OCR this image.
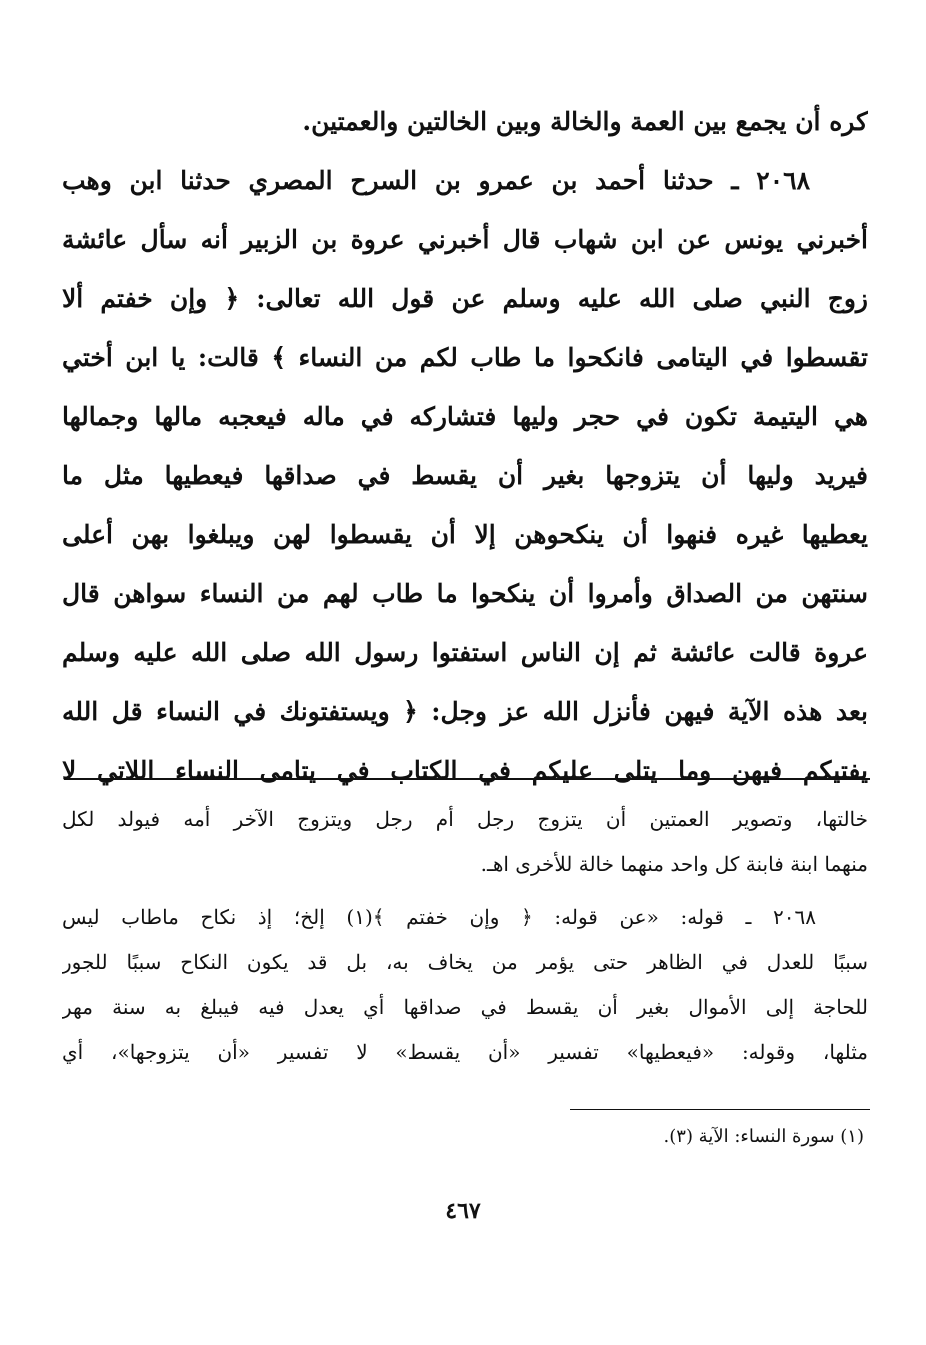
كره أن يجمع بين العمة والخالة وبين الخالتين والعمتين.
٢٠٦٨ ـ حدثنا أحمد بن عمرو بن السرح المصري حدثنا ابن وهب
أخبرني يونس عن ابن شهاب قال أخبرني عروة بن الزبير أنه سأل عائشة
زوج النبي صلى الله عليه وسلم عن قول الله تعالى: ﴿ وإن خفتم ألا
تقسطوا في اليتامى فانكحوا ما طاب لكم من النساء ﴾ قالت: يا ابن أختي
هي اليتيمة تكون في حجر وليها فتشاركه في ماله فيعجبه مالها وجمالها
فيريد وليها أن يتزوجها بغير أن يقسط في صداقها فيعطيها مثل ما
يعطيها غيره فنهوا أن ينكحوهن إلا أن يقسطوا لهن ويبلغوا بهن أعلى
سنتهن من الصداق وأمروا أن ينكحوا ما طاب لهم من النساء سواهن قال
عروة قالت عائشة ثم إن الناس استفتوا رسول الله صلى الله عليه وسلم
بعد هذه الآية فيهن فأنزل الله عز وجل: ﴿ ويستفتونك في النساء قل الله
يفتيكم فيهن وما يتلى عليكم في الكتاب في يتامى النساء اللاتي لا
خالتها، وتصوير العمتين أن يتزوج رجل أم رجل ويتزوج الآخر أمه فيولد لكل
منهما ابنة فابنة كل واحد منهما خالة للأخرى اهـ.
٢٠٦٨ ـ قوله: «عن قوله: ﴿ وإن خفتم ﴾(١) إلخ؛ إذ نكاح ماطاب ليس
سببًا للعدل في الظاهر حتى يؤمر من يخاف به، بل قد يكون النكاح سببًا للجور
للحاجة إلى الأموال بغير أن يقسط في صداقها أي يعدل فيه فيبلغ به سنة مهر
مثلها، وقوله: «فيعطيها» تفسير «أن يقسط» لا تفسير «أن يتزوجها»، أي
(١) سورة النساء: الآية (٣).
٤٦٧
